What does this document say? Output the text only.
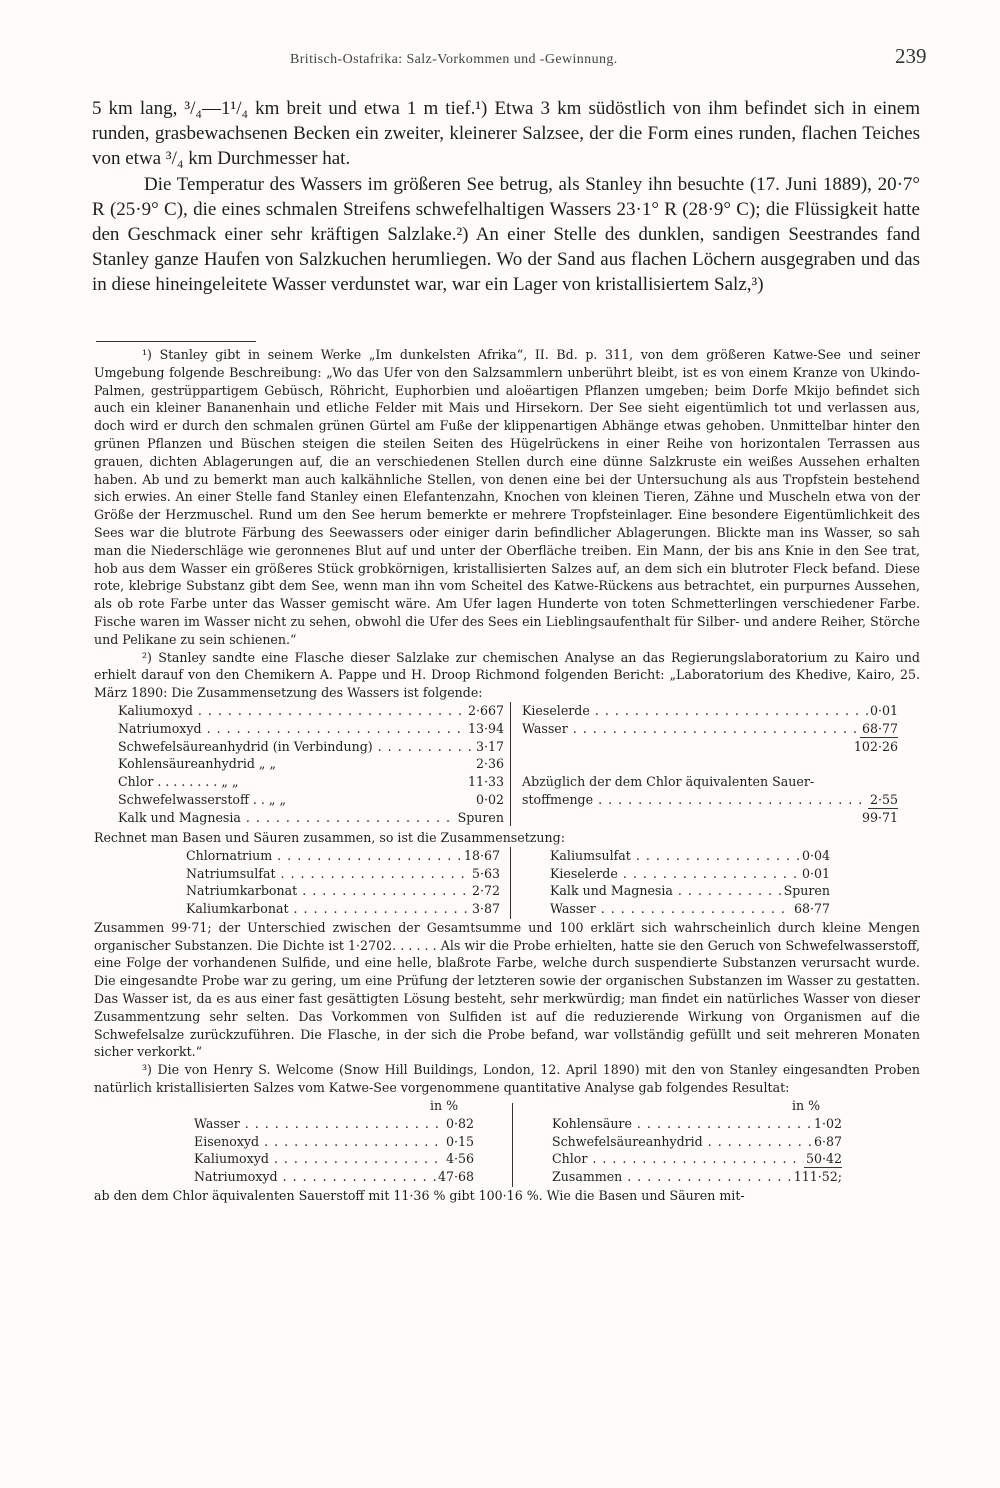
Britisch-Ostafrika: Salz-Vorkommen und -Gewinnung.	239

5 km lang, ³/₄—1¹/₄ km breit und etwa 1 m tief.¹) Etwa 3 km südöstlich von ihm befindet sich in einem runden, grasbewachsenen Becken ein zweiter, kleinerer Salzsee, der die Form eines runden, flachen Teiches von etwa ³/₄ km Durchmesser hat.

Die Temperatur des Wassers im größeren See betrug, als Stanley ihn besuchte (17. Juni 1889), 20·7° R (25·9° C), die eines schmalen Streifens schwefelhaltigen Wassers 23·1° R (28·9° C); die Flüssigkeit hatte den Geschmack einer sehr kräftigen Salzlake.²) An einer Stelle des dunklen, sandigen Seestrandes fand Stanley ganze Haufen von Salzkuchen herumliegen. Wo der Sand aus flachen Löchern ausgegraben und das in diese hineingeleitete Wasser verdunstet war, war ein Lager von kristallisiertem Salz,³)

¹) Stanley gibt in seinem Werke „Im dunkelsten Afrika“, II. Bd. p. 311, von dem größeren Katwe-See und seiner Umgebung folgende Beschreibung: „Wo das Ufer von den Salzsammlern unberührt bleibt, ist es von einem Kranze von Ukindo-Palmen, gestrüppartigem Gebüsch, Röhricht, Euphorbien und aloëartigen Pflanzen umgeben; beim Dorfe Mkijo befindet sich auch ein kleiner Bananenhain und etliche Felder mit Mais und Hirsekorn. Der See sieht eigentümlich tot und verlassen aus, doch wird er durch den schmalen grünen Gürtel am Fuße der klippenartigen Abhänge etwas gehoben. Unmittelbar hinter den grünen Pflanzen und Büschen steigen die steilen Seiten des Hügelrückens in einer Reihe von horizontalen Terrassen aus grauen, dichten Ablagerungen auf, die an verschiedenen Stellen durch eine dünne Salzkruste ein weißes Aussehen erhalten haben. Ab und zu bemerkt man auch kalkähnliche Stellen, von denen eine bei der Untersuchung als aus Tropfstein bestehend sich erwies. An einer Stelle fand Stanley einen Elefantenzahn, Knochen von kleinen Tieren, Zähne und Muscheln etwa von der Größe der Herzmuschel. Rund um den See herum bemerkte er mehrere Tropfsteinlager. Eine besondere Eigentümlichkeit des Sees war die blutrote Färbung des Seewassers oder einiger darin befindlicher Ablagerungen. Blickte man ins Wasser, so sah man die Niederschläge wie geronnenes Blut auf und unter der Oberfläche treiben. Ein Mann, der bis ans Knie in den See trat, hob aus dem Wasser ein größeres Stück grobkörnigen, kristallisierten Salzes auf, an dem sich ein blutroter Fleck befand. Diese rote, klebrige Substanz gibt dem See, wenn man ihn vom Scheitel des Katwe-Rückens aus betrachtet, ein purpurnes Aussehen, als ob rote Farbe unter das Wasser gemischt wäre. Am Ufer lagen Hunderte von toten Schmetterlingen verschiedener Farbe. Fische waren im Wasser nicht zu sehen, obwohl die Ufer des Sees ein Lieblingsaufenthalt für Silber- und andere Reiher, Störche und Pelikane zu sein schienen.“

²) Stanley sandte eine Flasche dieser Salzlake zur chemischen Analyse an das Regierungslaboratorium zu Kairo und erhielt darauf von den Chemikern A. Pappe und H. Droop Richmond folgenden Bericht: „Laboratorium des Khedive, Kairo, 25. März 1890: Die Zusammensetzung des Wassers ist folgende:

Kaliumoxyd . . .	2·667
Natriumoxyd . . .	13·94
Schwefelsäureanhydrid (in Verbindung) . . .	3·17
Kohlensäureanhydrid „ „	2·36
Chlor . . . . . . . . „ „	11·33
Schwefelwasserstoff . . „ „	0·02
Kalk und Magnesia . . .	Spuren
Kieselerde . . .	0·01
Wasser . . .	68·77
102·26
Abzüglich der dem Chlor äquivalenten Sauer-
stoffmenge . . .	2·55
99·71

Rechnet man Basen und Säuren zusammen, so ist die Zusammensetzung:

Chlornatrium . . .	18·67
Natriumsulfat . . .	5·63
Natriumkarbonat . . .	2·72
Kaliumkarbonat . . .	3·87
Kaliumsulfat . . .	0·04
Kieselerde . . .	0·01
Kalk und Magnesia . . .	Spuren
Wasser . . .	68·77

Zusammen 99·71; der Unterschied zwischen der Gesamtsumme und 100 erklärt sich wahrscheinlich durch kleine Mengen organischer Substanzen. Die Dichte ist 1·2702. . . . . . Als wir die Probe erhielten, hatte sie den Geruch von Schwefelwasserstoff, eine Folge der vorhandenen Sulfide, und eine helle, blaßrote Farbe, welche durch suspendierte Substanzen verursacht wurde. Die eingesandte Probe war zu gering, um eine Prüfung der letzteren sowie der organischen Substanzen im Wasser zu gestatten. Das Wasser ist, da es aus einer fast gesättigten Lösung besteht, sehr merkwürdig; man findet ein natürliches Wasser von dieser Zusammentzung sehr selten. Das Vorkommen von Sulfiden ist auf die reduzierende Wirkung von Organismen auf die Schwefelsalze zurückzuführen. Die Flasche, in der sich die Probe befand, war vollständig gefüllt und seit mehreren Monaten sicher verkorkt.“

³) Die von Henry S. Welcome (Snow Hill Buildings, London, 12. April 1890) mit den von Stanley eingesandten Proben natürlich kristallisierten Salzes vom Katwe-See vorgenommene quantitative Analyse gab folgendes Resultat:

in %	in %
Wasser . . .	0·82
Eisenoxyd . . .	0·15
Kaliumoxyd . . .	4·56
Natriumoxyd . . .	47·68
Kohlensäure . . .	1·02
Schwefelsäureanhydrid . . .	6·87
Chlor . . .	50·42
Zusammen . . .	111·52;

ab den dem Chlor äquivalenten Sauerstoff mit 11·36 % gibt 100·16 %. Wie die Basen und Säuren mit-
